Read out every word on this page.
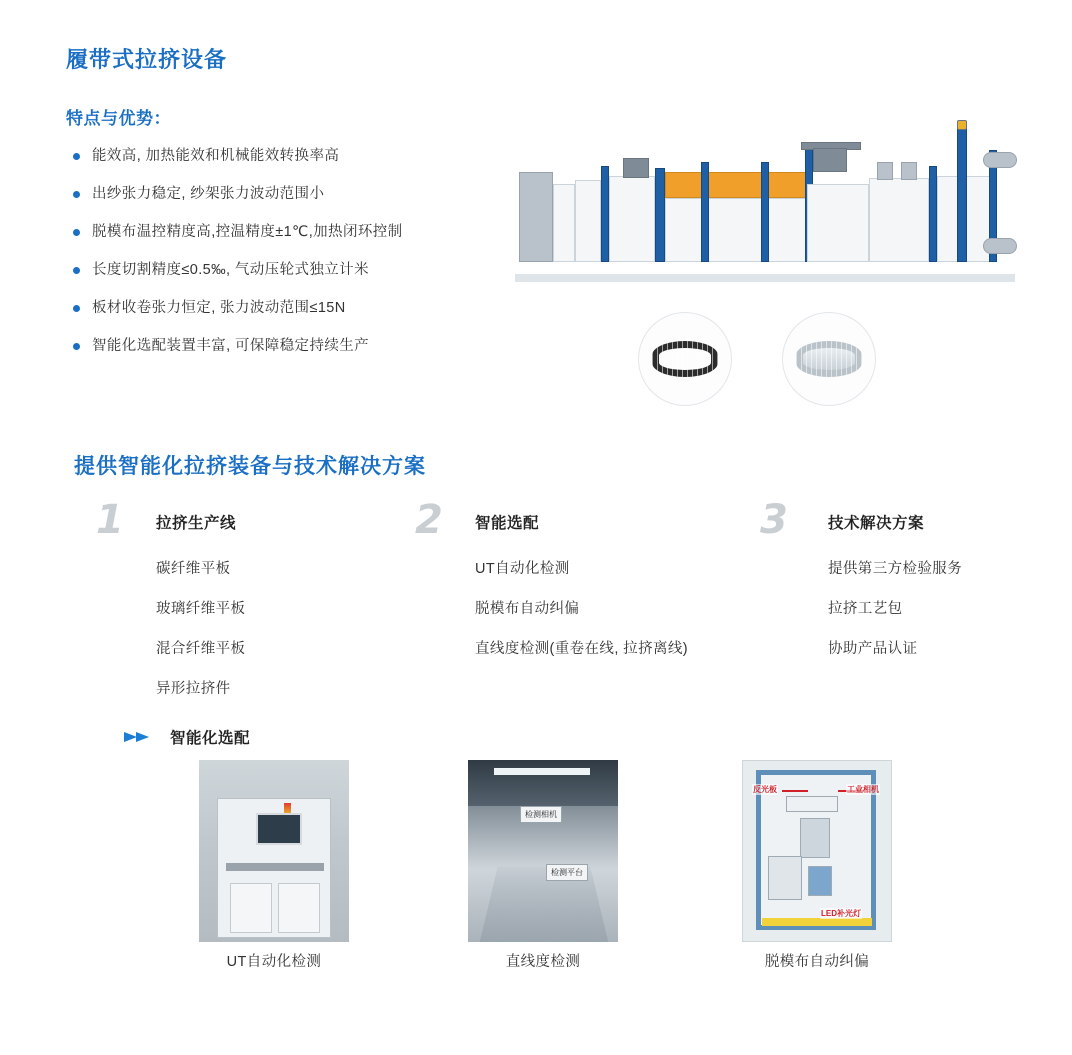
履带式拉挤设备
特点与优势：
能效高, 加热能效和机械能效转换率高
出纱张力稳定, 纱架张力波动范围小
脱模布温控精度高,控温精度±1℃,加热闭环控制
长度切割精度≤0.5‰, 气动压轮式独立计米
板材收卷张力恒定, 张力波动范围≤15N
智能化选配装置丰富, 可保障稳定持续生产
提供智能化拉挤装备与技术解决方案
1 拉挤生产线
碳纤维平板
玻璃纤维平板
混合纤维平板
异形拉挤件
2 智能选配
UT自动化检测
脱模布自动纠偏
直线度检测(重卷在线, 拉挤离线)
3	技术解决方案
提供第三方检验服务
拉挤工艺包
协助产品认证
智能化选配
检测相机
检测平台
反光板	工业相机
LED补光灯
UT自动化检测	直线度检测	脱模布自动纠偏
